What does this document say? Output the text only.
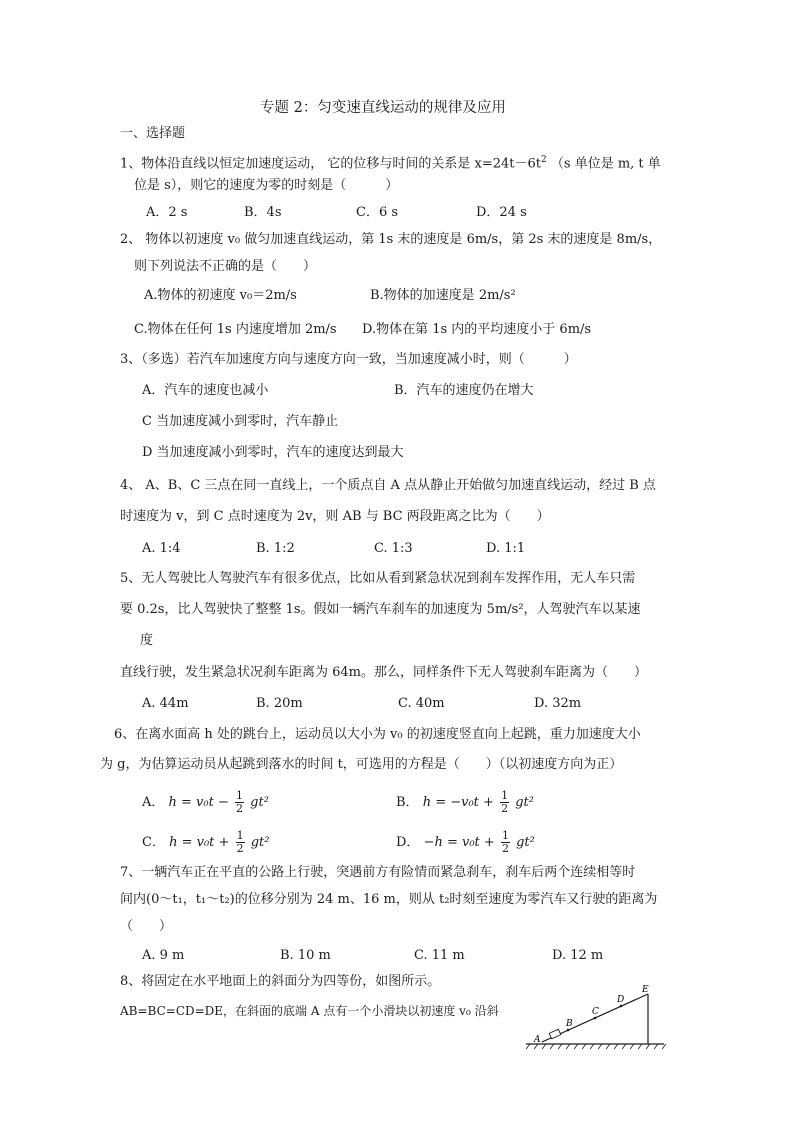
专题 2：匀变速直线运动的规律及应用
一、选择题
1、物体沿直线以恒定加速度运动， 它的位移与时间的关系是 $x=24t-6t^2$ （s 单位是 m, t 单
位是 s），则它的速度为零的时刻是（　　　）
A．2 s	B．4s	C．6 s	D．24 s
2、 物体以初速度 v₀ 做匀加速直线运动，第 1s 末的速度是 6m/s，第 2s 末的速度是 8m/s，
则下列说法不正确的是（　　）
A.物体的初速度 v₀＝2m/s	B.物体的加速度是 2m/s²
C.物体在任何 1s 内速度增加 2m/s D.物体在第 1s 内的平均速度小于 6m/s
3、（多选）若汽车加速度方向与速度方向一致，当加速度减小时，则（　　　）
A．汽车的速度也减小	B．汽车的速度仍在增大
C 当加速度减小到零时，汽车静止
D 当加速度减小到零时，汽车的速度达到最大
4、 A、B、C 三点在同一直线上，一个质点自 A 点从静止开始做匀加速直线运动，经过 B 点
时速度为 v，到 C 点时速度为 2v，则 AB 与 BC 两段距离之比为（　　）
A. 1:4	B. 1:2	C. 1:3	D. 1:1
5、无人驾驶比人驾驶汽车有很多优点，比如从看到紧急状况到刹车发挥作用，无人车只需
要 0.2s，比人驾驶快了整整 1s。假如一辆汽车刹车的加速度为 5m/s²，人驾驶汽车以某速
度
直线行驶，发生紧急状况刹车距离为 64m。那么，同样条件下无人驾驶刹车距离为（　　）
A. 44m	B. 20m	C. 40m	D. 32m
6、在离水面高 h 处的跳台上，运动员以大小为 v₀ 的初速度竖直向上起跳，重力加速度大小
为 g，为估算运动员从起跳到落水的时间 t，可选用的方程是（　　）（以初速度方向为正）
A． $h = v_0t - \frac{1}{2} gt^2$	B． $h = -v_0t + \frac{1}{2} gt^2$
C． $h = v_0t + \frac{1}{2} gt^2$	D． $-h = v_0t + \frac{1}{2} gt^2$
7、一辆汽车正在平直的公路上行驶，突遇前方有险情而紧急刹车，刹车后两个连续相等时
间内(0～t₁，t₁～t₂)的位移分别为 24 m、16 m，则从 t₂时刻至速度为零汽车又行驶的距离为
（　　）
A. 9 m	B. 10 m	C. 11 m	D. 12 m
8、将固定在水平地面上的斜面分为四等份，如图所示。
AB=BC=CD=DE，在斜面的底端 A 点有一个小滑块以初速度 v₀ 沿斜
A
B
C
D
E
